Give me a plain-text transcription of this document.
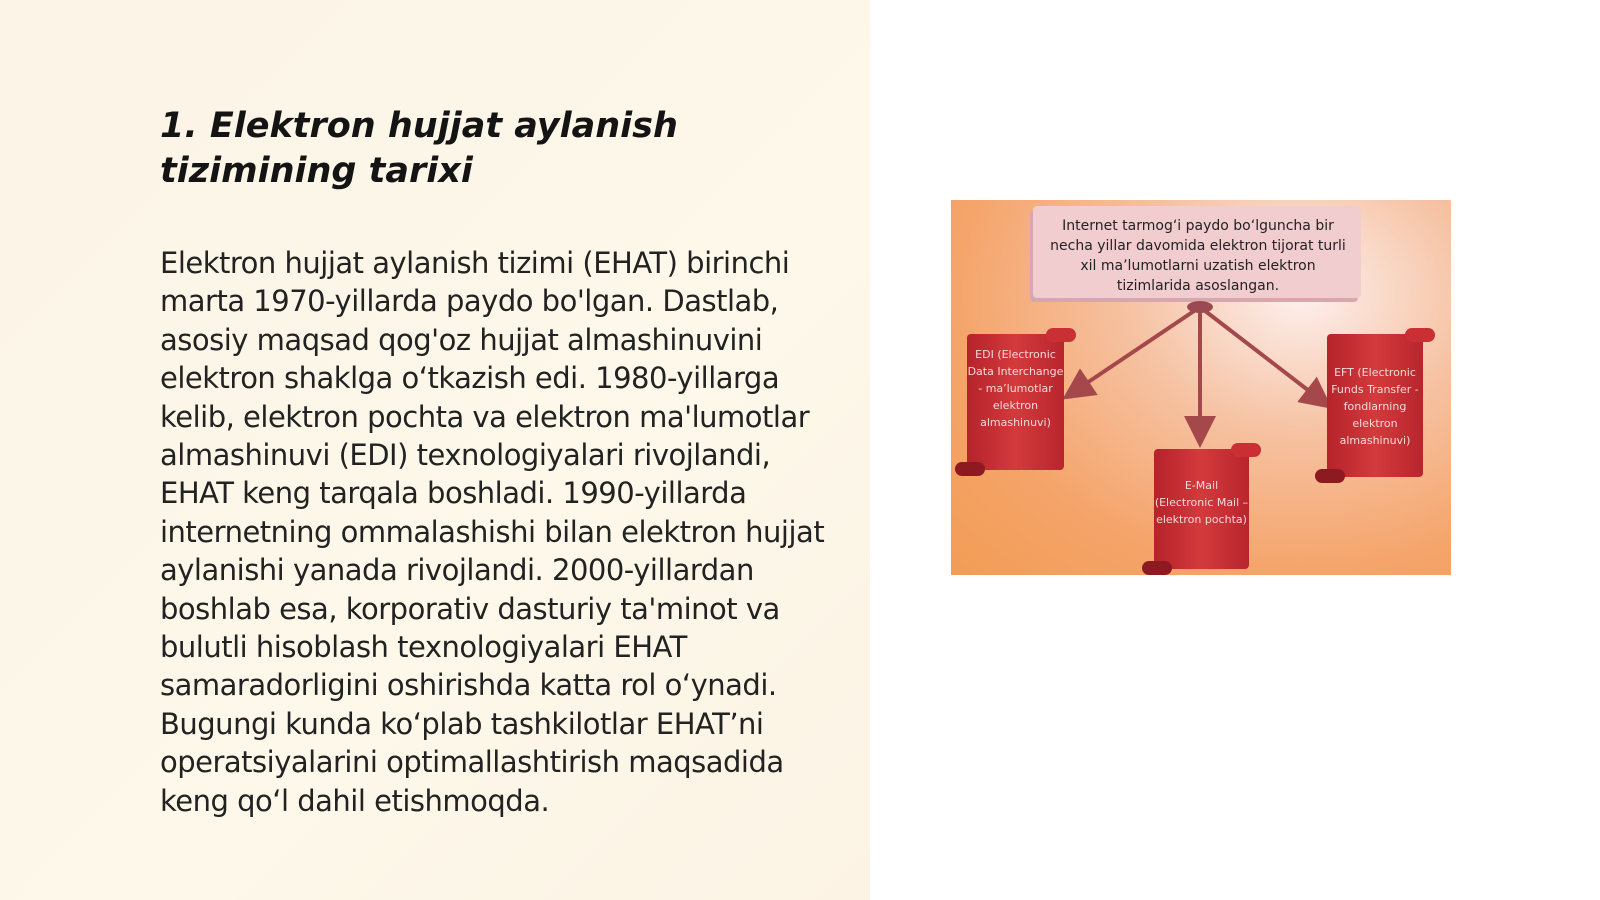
1. Elektron hujjat aylanish tizimining tarixi

Elektron hujjat aylanish tizimi (EHAT) birinchi marta 1970-yillarda paydo bo'lgan. Dastlab, asosiy maqsad qog'oz hujjat almashinuvini elektron shaklga o‘tkazish edi. 1980-yillarga kelib, elektron pochta va elektron ma'lumotlar almashinuvi (EDI) texnologiyalari rivojlandi, EHAT keng tarqala boshladi. 1990-yillarda internetning ommalashishi bilan elektron hujjat aylanishi yanada rivojlandi. 2000-yillardan boshlab esa, korporativ dasturiy ta'minot va bulutli hisoblash texnologiyalari EHAT samaradorligini oshirishda katta rol o‘ynadi. Bugungi kunda ko‘plab tashkilotlar EHAT’ni operatsiyalarini optimallashtirish maqsadida keng qo‘l dahil etishmoqda.

Internet tarmog‘i paydo bo‘lguncha bir necha yillar davomida elektron tijorat turli xil ma’lumotlarni uzatish elektron tizimlarida asoslangan.
EDI (Electronic Data Interchange - ma’lumotlar elektron almashinuvi)
E-Mail (Electronic Mail – elektron pochta)
EFT (Electronic Funds Transfer - fondlarning elektron almashinuvi)
